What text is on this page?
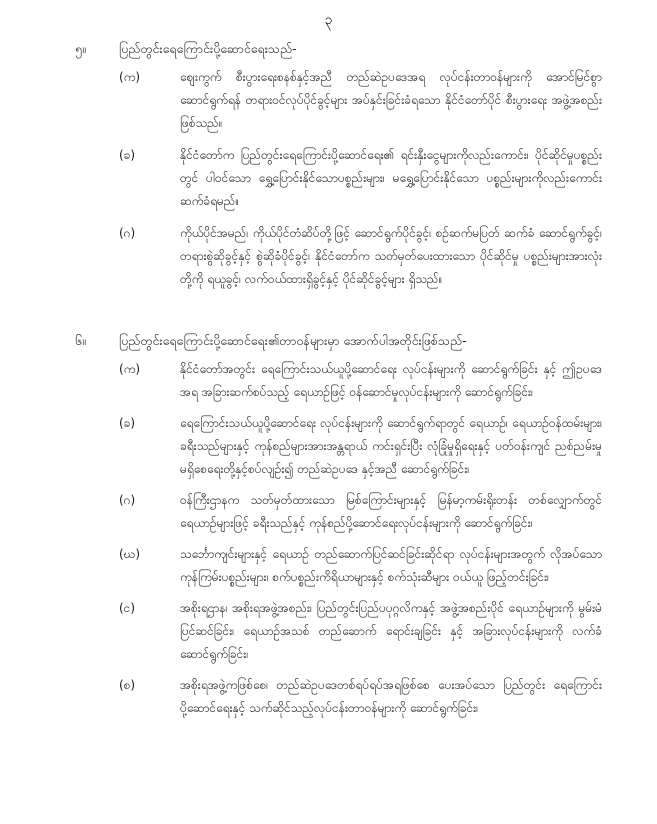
၃
၅။	ပြည်တွင်းရေကြောင်းပို့ဆောင်ရေးသည်-
(က)	ဈေးကွက် စီးပွားရေးစနစ်နှင့်အညီ တည်ဆဲဥပဒေအရ လုပ်ငန်းတာဝန်များကို အောင်မြင်စွာ ဆောင်ရွက်ရန် တရားဝင်လုပ်ပိုင်ခွင့်များ အပ်နှင်းခြင်းခံရသော နိုင်ငံတော်ပိုင် စီးပွားရေး အဖွဲ့အစည်း ဖြစ်သည်။
(ခ)	နိုင်ငံတော်က ပြည်တွင်းရေကြောင်းပို့ဆောင်ရေး၏ ရင်းနှီးငွေများကိုလည်းကောင်း၊ ပိုင်ဆိုင်မှုပစ္စည်းတွင် ပါဝင်သော ရွှေ့ပြောင်းနိုင်သောပစ္စည်းများ၊ မရွှေ့ပြောင်းနိုင်သော ပစ္စည်းများကိုလည်းကောင်း ဆက်ခံရမည်။
(ဂ)	ကိုယ်ပိုင်အမည်၊ ကိုယ်ပိုင်တံဆိပ်တို့ဖြင့် ဆောင်ရွက်ပိုင်ခွင့်၊ စဉ်ဆက်မပြတ် ဆက်ခံ ဆောင်ရွက်ခွင့်၊ တရားစွဲဆိုခွင့်နှင့် စွဲဆိုခံပိုင်ခွင့်၊ နိုင်ငံတော်က သတ်မှတ်ပေးထားသော ပိုင်ဆိုင်မှု ပစ္စည်းများအားလုံးတို့ကို ရယူခွင့်၊ လက်ဝယ်ထားရှိခွင့်နှင့် ပိုင်ဆိုင်ခွင့်များ ရှိသည်။
၆။	ပြည်တွင်းရေကြောင်းပို့ဆောင်ရေး၏တာဝန်များမှာ အောက်ပါအတိုင်းဖြစ်သည်-
(က)	နိုင်ငံတော်အတွင်း ရေကြောင်းသယ်ယူပို့ဆောင်ရေး လုပ်ငန်းများကို ဆောင်ရွက်ခြင်း နှင့် ဤဥပဒေအရ အခြားဆက်စပ်သည့် ရေယာဉ်ဖြင့် ဝန်ဆောင်မှုလုပ်ငန်းများကို ဆောင်ရွက်ခြင်း၊
(ခ)	ရေကြောင်းသယ်ယူပို့ဆောင်ရေး လုပ်ငန်းများကို ဆောင်ရွက်ရာတွင် ရေယာဉ်၊ ရေယာဉ်ဝန်ထမ်းများ၊ ခရီးသည်များနှင့် ကုန်စည်များအားအန္တရာယ် ကင်းရှင်းပြီး လုံခြုံမှုရှိရေးနှင့် ပတ်ဝန်းကျင် ညစ်ညမ်းမှု မရှိစေရေးတို့နှင့်စပ်လျဉ်း၍ တည်ဆဲဥပဒေ နှင့်အညီ ဆောင်ရွက်ခြင်း၊
(ဂ)	ဝန်ကြီးဌာနက သတ်မှတ်ထားသော မြစ်ကြောင်းများနှင့် မြန်မာ့ကမ်းရိုးတန်း တစ်လျှောက်တွင် ရေယာဉ်များဖြင့် ခရီးသည်နှင့် ကုန်စည်ပို့ဆောင်ရေးလုပ်ငန်းများကို ဆောင်ရွက်ခြင်း၊
(ဃ)	သင်္ဘောကျင်းများနှင့် ရေယာဉ် တည်ဆောက်ပြင်ဆင်ခြင်းဆိုင်ရာ လုပ်ငန်းများအတွက် လိုအပ်သော ကုန်ကြမ်းပစ္စည်းများ၊ စက်ပစ္စည်းကိရိယာများနှင့် စက်သုံးဆီများ ဝယ်ယူ ဖြည့်တင်းခြင်း၊
(င)	အစိုးရဌာန၊ အစိုးရအဖွဲ့အစည်း၊ ပြည်တွင်းပြည်ပပုဂ္ဂလိကနှင့် အဖွဲ့အစည်းပိုင် ရေယာဉ်များကို မွမ်းမံပြင်ဆင်ခြင်း၊ ရေယာဉ်အသစ် တည်ဆောက် ရောင်းချခြင်း နှင့် အခြားလုပ်ငန်းများကို လက်ခံဆောင်ရွက်ခြင်း၊
(စ)	အစိုးရအဖွဲ့ကဖြစ်စေ၊ တည်ဆဲဥပဒေတစ်ရပ်ရပ်အရဖြစ်စေ ပေးအပ်သော ပြည်တွင်း ရေကြောင်းပို့ဆောင်ရေးနှင့် သက်ဆိုင်သည့်လုပ်ငန်းတာဝန်များကို ဆောင်ရွက်ခြင်း၊
